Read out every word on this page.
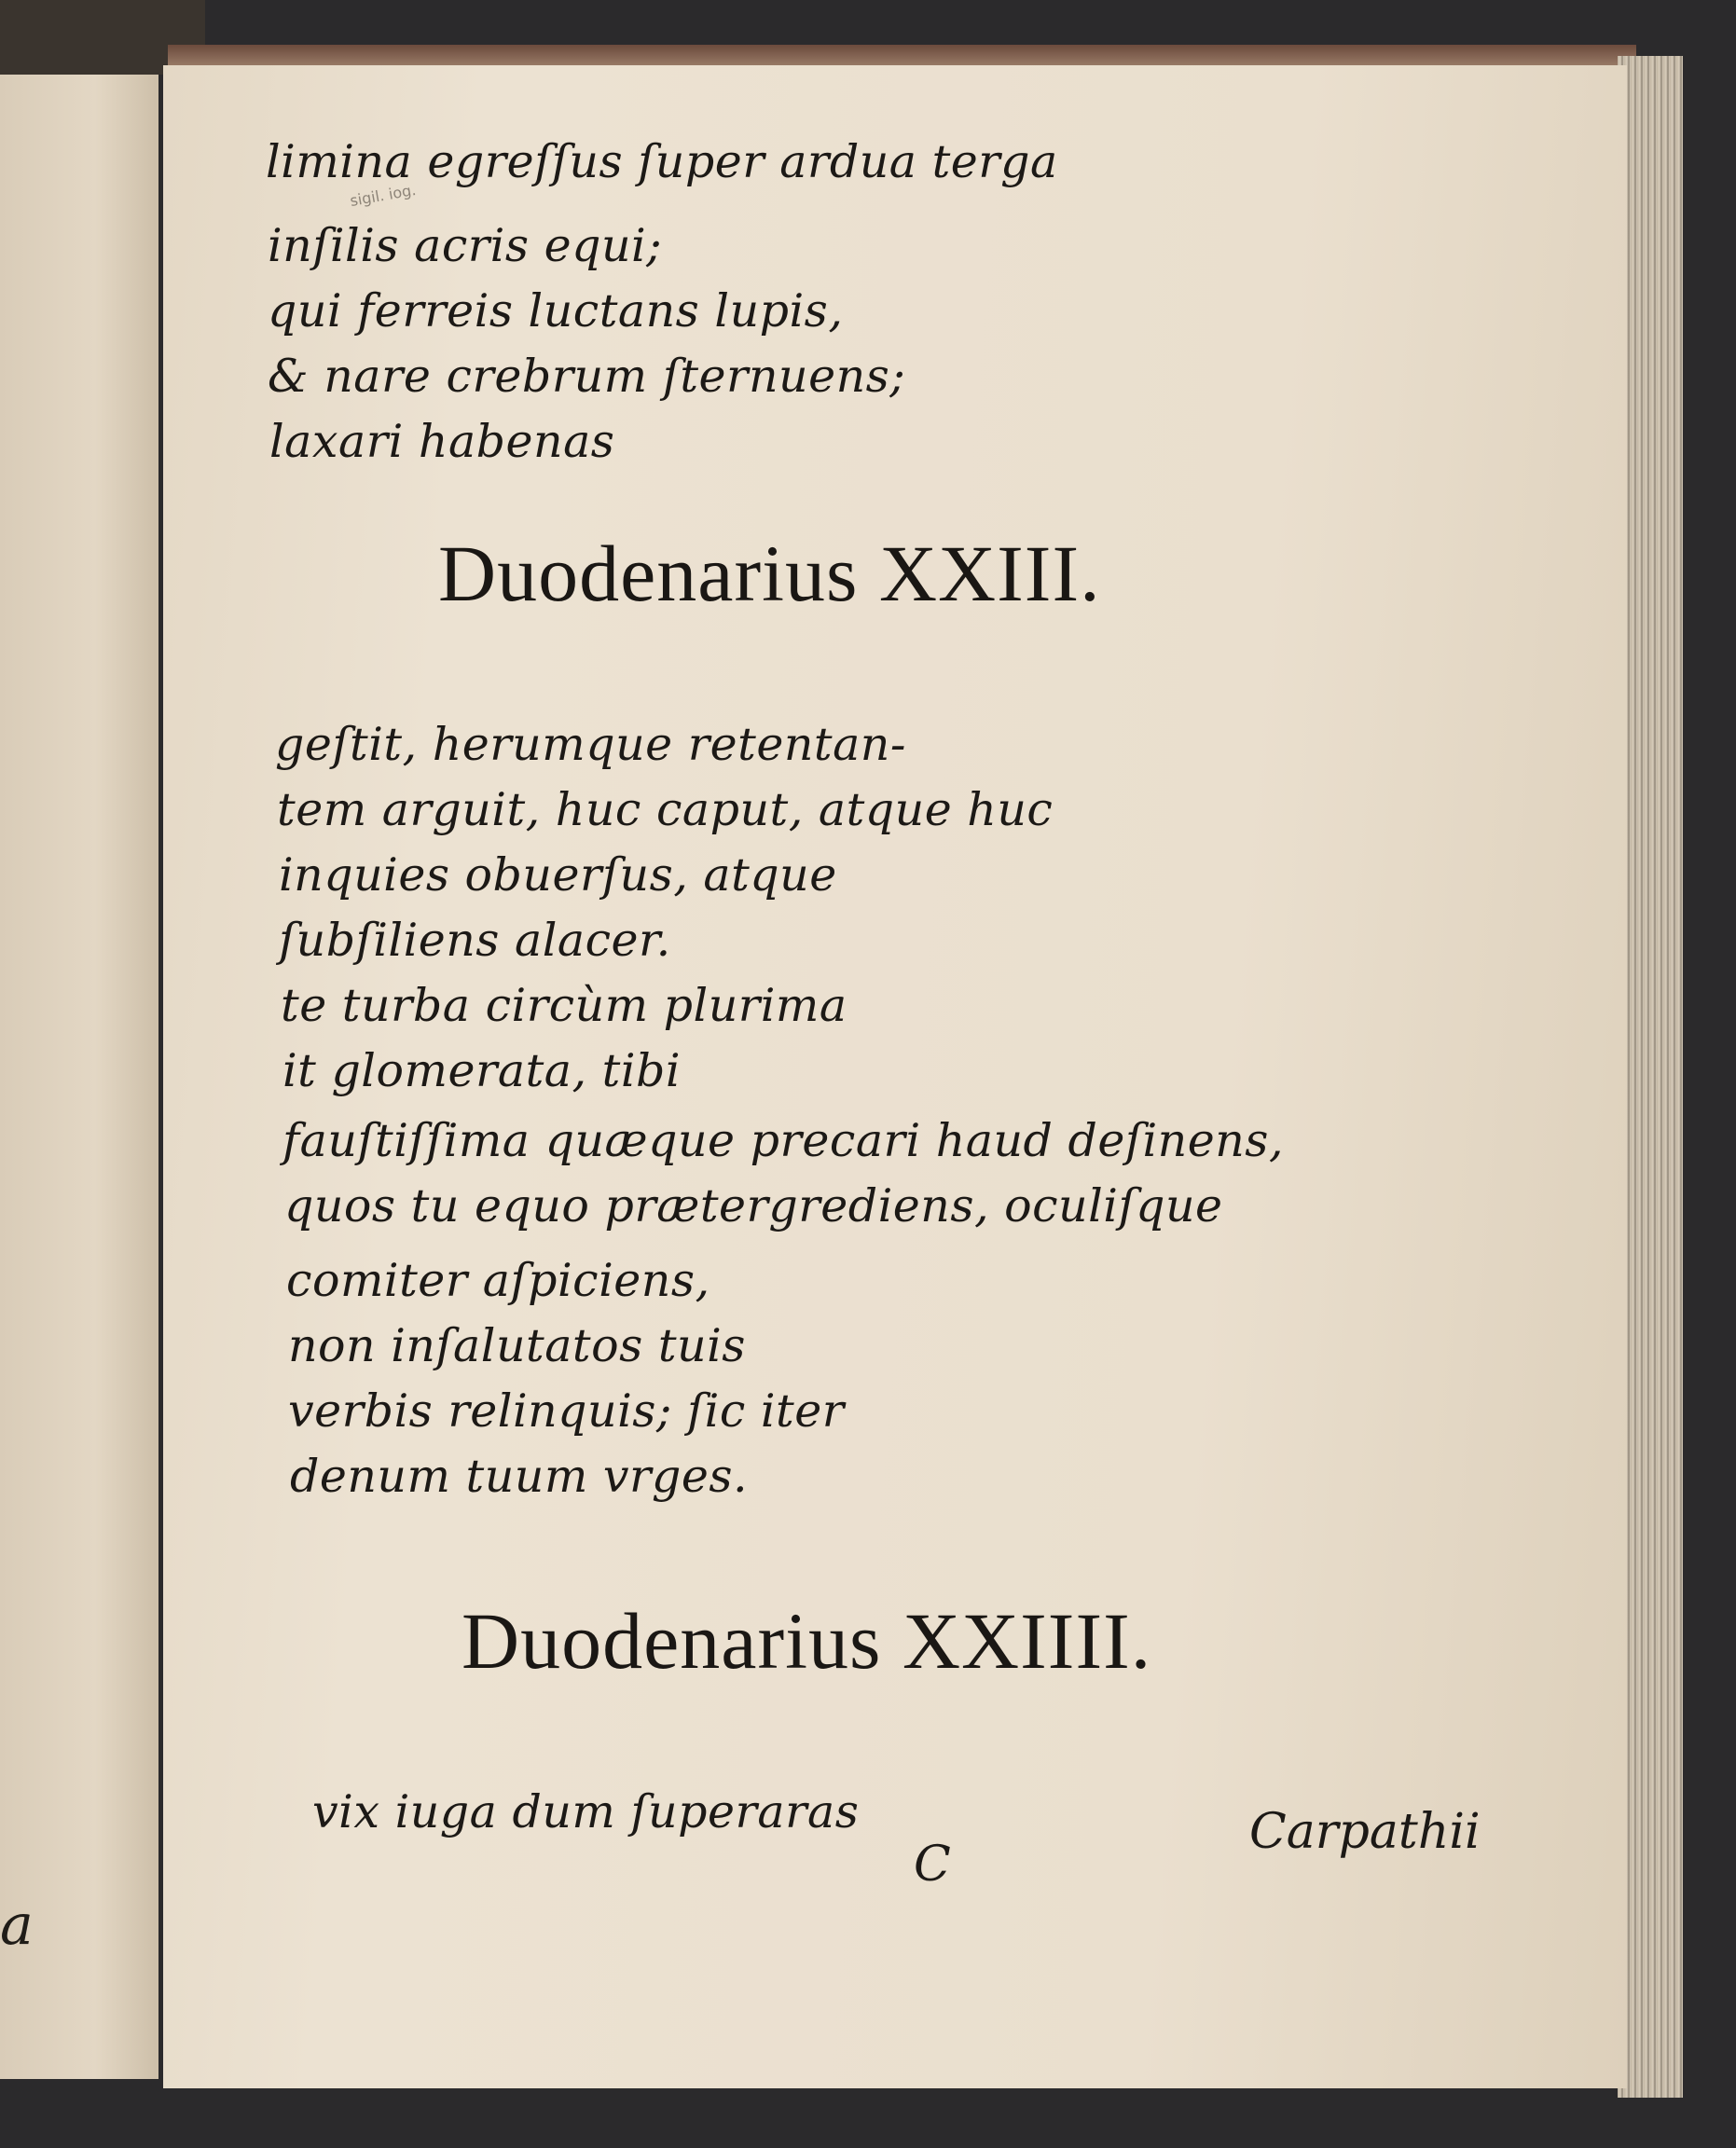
a
sigil. iog.
limina egreſſus ſuper ardua terga
inſilis acris equi;
qui ferreis luctans lupis,
& nare crebrum ſternuens;
laxari habenas
Duodenarius XXIII.
geſtit, herumque retentan-
tem arguit, huc caput, atque huc
inquies obuerſus, atque
ſubſiliens alacer.
te turba circùm plurima
it glomerata, tibi
fauſtiſſima quæque precari haud deſinens,
quos tu equo prætergrediens, oculiſque
comiter aſpiciens,
non inſalutatos tuis
verbis relinquis; ſic iter
denum tuum vrges.
Duodenarius XXIIII.
vix iuga dum ſuperaras
C
Carpathii
